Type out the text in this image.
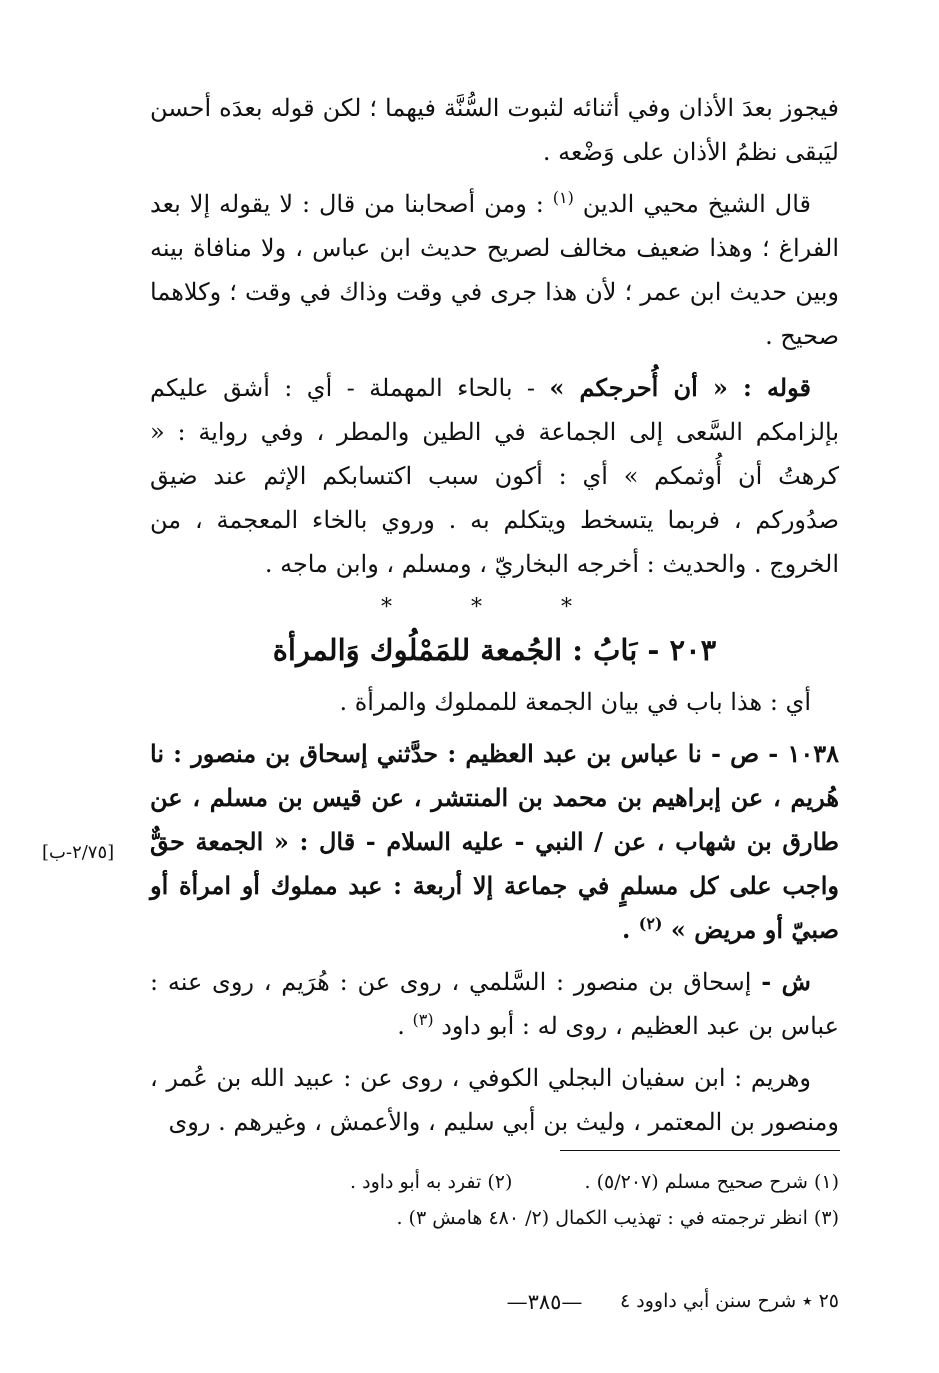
فيجوز بعدَ الأذان وفي أثنائه لثبوت السُّنَّة فيهما ؛ لكن قوله بعدَه أحسن ليَبقى نظمُ الأذان على وَضْعه .

قال الشيخ محيي الدين $^{(١)}$ : ومن أصحابنا من قال : لا يقوله إلا بعد الفراغ ؛ وهذا ضعيف مخالف لصريح حديث ابن عباس ، ولا منافاة بينه وبين حديث ابن عمر ؛ لأن هذا جرى في وقت وذاك في وقت ؛ وكلاهما صحيح .

قوله : « أن أُحرجكم » - بالحاء المهملة - أي : أشق عليكم بإلزامكم السَّعى إلى الجماعة في الطين والمطر ، وفي رواية : « كرهتُ أن أُوثمكم » أي : أكون سبب اكتسابكم الإثم عند ضيق صدُوركم ، فربما يتسخط ويتكلم به . وروي بالخاء المعجمة ، من الخروج . والحديث : أخرجه البخاريّ ، ومسلم ، وابن ماجه .

* * *
٢٠٣ - بَابُ : الجُمعة للمَمْلُوك وَالمرأة

أي : هذا باب في بيان الجمعة للمملوك والمرأة .

١٠٣٨ - ص - نا عباس بن عبد العظيم : حدَّثني إسحاق بن منصور : نا هُريم ، عن إبراهيم بن محمد بن المنتشر ، عن قيس بن مسلم ، عن طارق بن شهاب ، عن / النبي - عليه السلام - قال : « الجمعة حقٌّ واجب على كل مسلمٍ في جماعة إلا أربعة : عبد مملوك أو امرأة أو صبيّ أو مريض » $^{(٢)}$ .

ش - إسحاق بن منصور : السَّلمي ، روى عن : هُرَيم ، روى عنه : عباس بن عبد العظيم ، روى له : أبو داود $^{(٣)}$ .

وهريم : ابن سفيان البجلي الكوفي ، روى عن : عبيد الله بن عُمر ، ومنصور بن المعتمر ، وليث بن أبي سليم ، والأعمش ، وغيرهم . روى

[٢/٧٥-ب]
(١) شرح صحيح مسلم (٥/٢٠٧) .  (٢) تفرد به أبو داود .
(٣) انظر ترجمته في : تهذيب الكمال (٢/ ٤٨٠ هامش ٣) .
٢٥ ٭ شرح سنن أبي داوود ٤
—٣٨٥—
